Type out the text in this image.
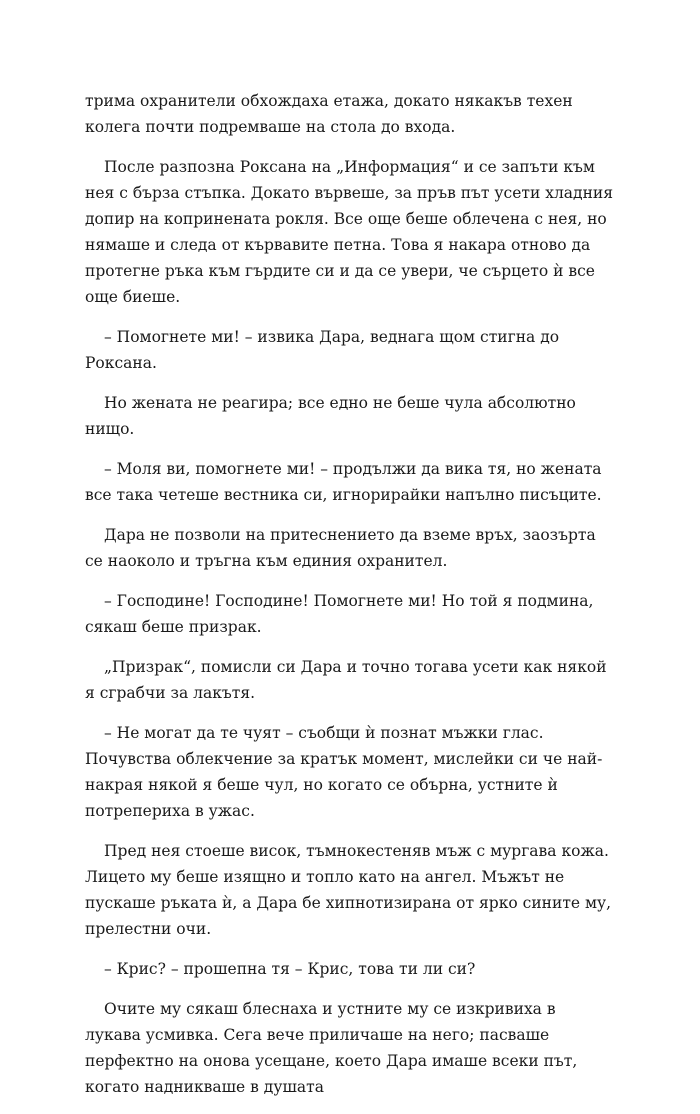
трима охранители обхождаха етажа, докато някакъв техен колега почти подремваше на стола до входа.

После разпозна Роксана на „Информация“ и се запъти към нея с бърза стъпка. Докато вървеше, за пръв път усети хладния допир на копринената рокля. Все още беше облечена с нея, но нямаше и следа от кървавите петна. Това я накара отново да протегне ръка към гърдите си и да се увери, че сърцето ѝ все още биеше.

– Помогнете ми! – извика Дара, веднага щом стигна до Роксана.

Но жената не реагира; все едно не беше чула абсолютно нищо.

– Моля ви, помогнете ми! – продължи да вика тя, но жената все така четеше вестника си, игнорирайки напълно писъците.

Дара не позволи на притеснението да вземе връх, заозърта се наоколо и тръгна към единия охранител.

– Господине! Господине! Помогнете ми! Но той я подмина, сякаш беше призрак.

„Призрак“, помисли си Дара и точно тогава усети как някой я сграбчи за лакътя.

– Не могат да те чуят – съобщи ѝ познат мъжки глас. Почувства облекчение за кратък момент, мислейки си че най-накрая някой я беше чул, но когато се обърна, устните ѝ потрепериха в ужас.

Пред нея стоеше висок, тъмнокестеняв мъж с мургава кожа. Лицето му беше изящно и топло като на ангел. Мъжът не пускаше ръката ѝ, а Дара бе хипнотизирана от ярко сините му, прелестни очи.

– Крис? – прошепна тя – Крис, това ти ли си?

Очите му сякаш блеснаха и устните му се изкривиха в лукава усмивка. Сега вече приличаше на него; пасваше перфектно на онова усещане, което Дара имаше всеки път, когато надникваше в душата
